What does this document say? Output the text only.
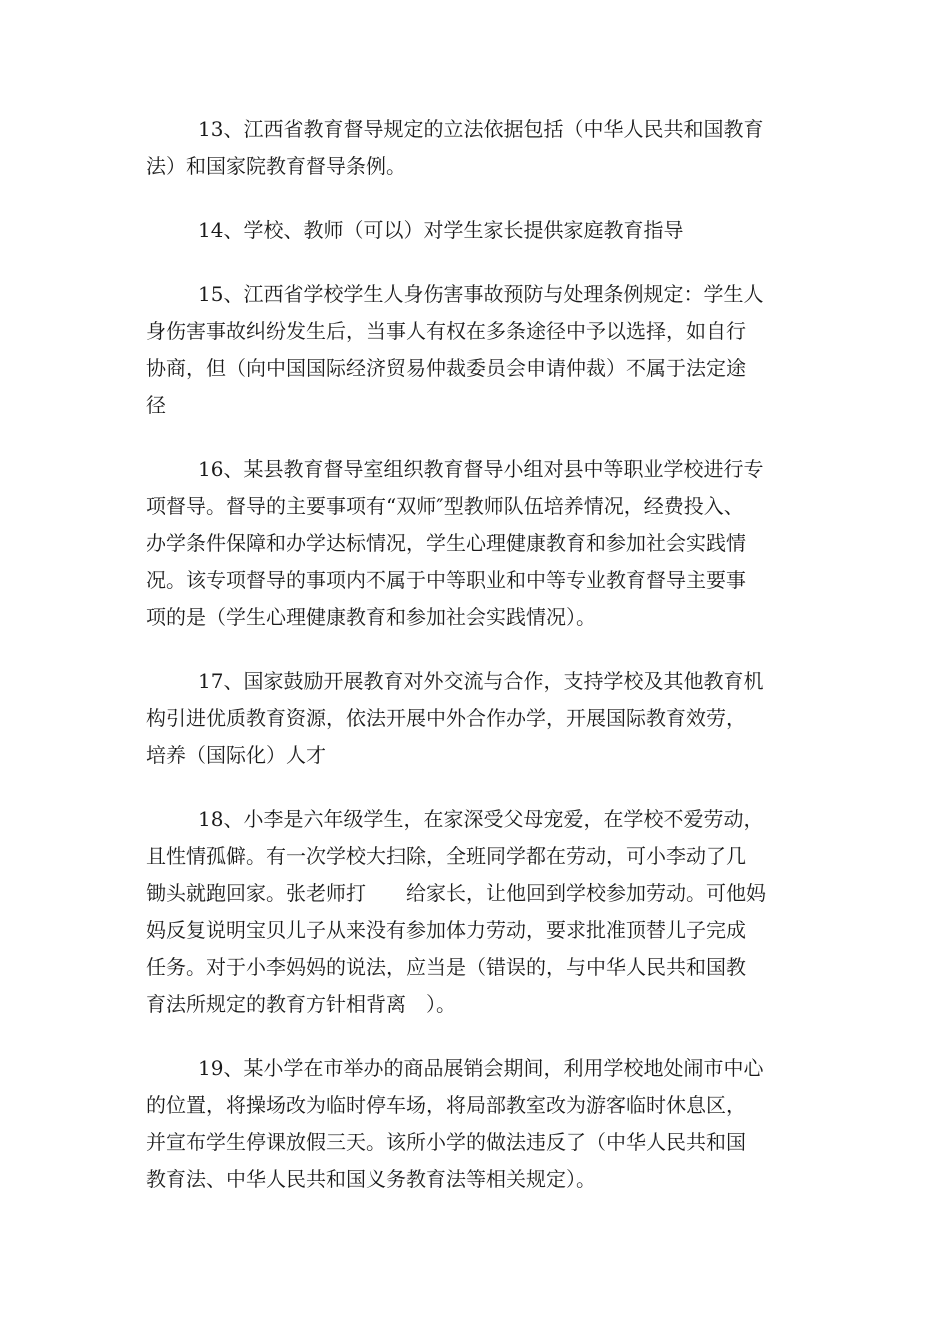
13、江西省教育督导规定的立法依据包括（中华人民共和国教育
法）和国家院教育督导条例。

14、学校、教师（可以）对学生家长提供家庭教育指导

15、江西省学校学生人身伤害事故预防与处理条例规定：学生人
身伤害事故纠纷发生后，当事人有权在多条途径中予以选择，如自行
协商，但（向中国国际经济贸易仲裁委员会申请仲裁）不属于法定途
径

16、某县教育督导室组织教育督导小组对县中等职业学校进行专
项督导。督导的主要事项有“双师″型教师队伍培养情况，经费投入、
办学条件保障和办学达标情况，学生心理健康教育和参加社会实践情
况。该专项督导的事项内不属于中等职业和中等专业教育督导主要事
项的是（学生心理健康教育和参加社会实践情况）。

17、国家鼓励开展教育对外交流与合作，支持学校及其他教育机
构引进优质教育资源，依法开展中外合作办学，开展国际教育效劳，
培养（国际化）人才

18、小李是六年级学生，在家深受父母宠爱，在学校不爱劳动，
且性情孤僻。有一次学校大扫除，全班同学都在劳动，可小李动了几
锄头就跑回家。张老师打　　给家长，让他回到学校参加劳动。可他妈
妈反复说明宝贝儿子从来没有参加体力劳动，要求批准顶替儿子完成
任务。对于小李妈妈的说法，应当是（错误的，与中华人民共和国教
育法所规定的教育方针相背离　）。

19、某小学在市举办的商品展销会期间，利用学校地处闹市中心
的位置，将操场改为临时停车场，将局部教室改为游客临时休息区，
并宣布学生停课放假三天。该所小学的做法违反了（中华人民共和国
教育法、中华人民共和国义务教育法等相关规定）。
